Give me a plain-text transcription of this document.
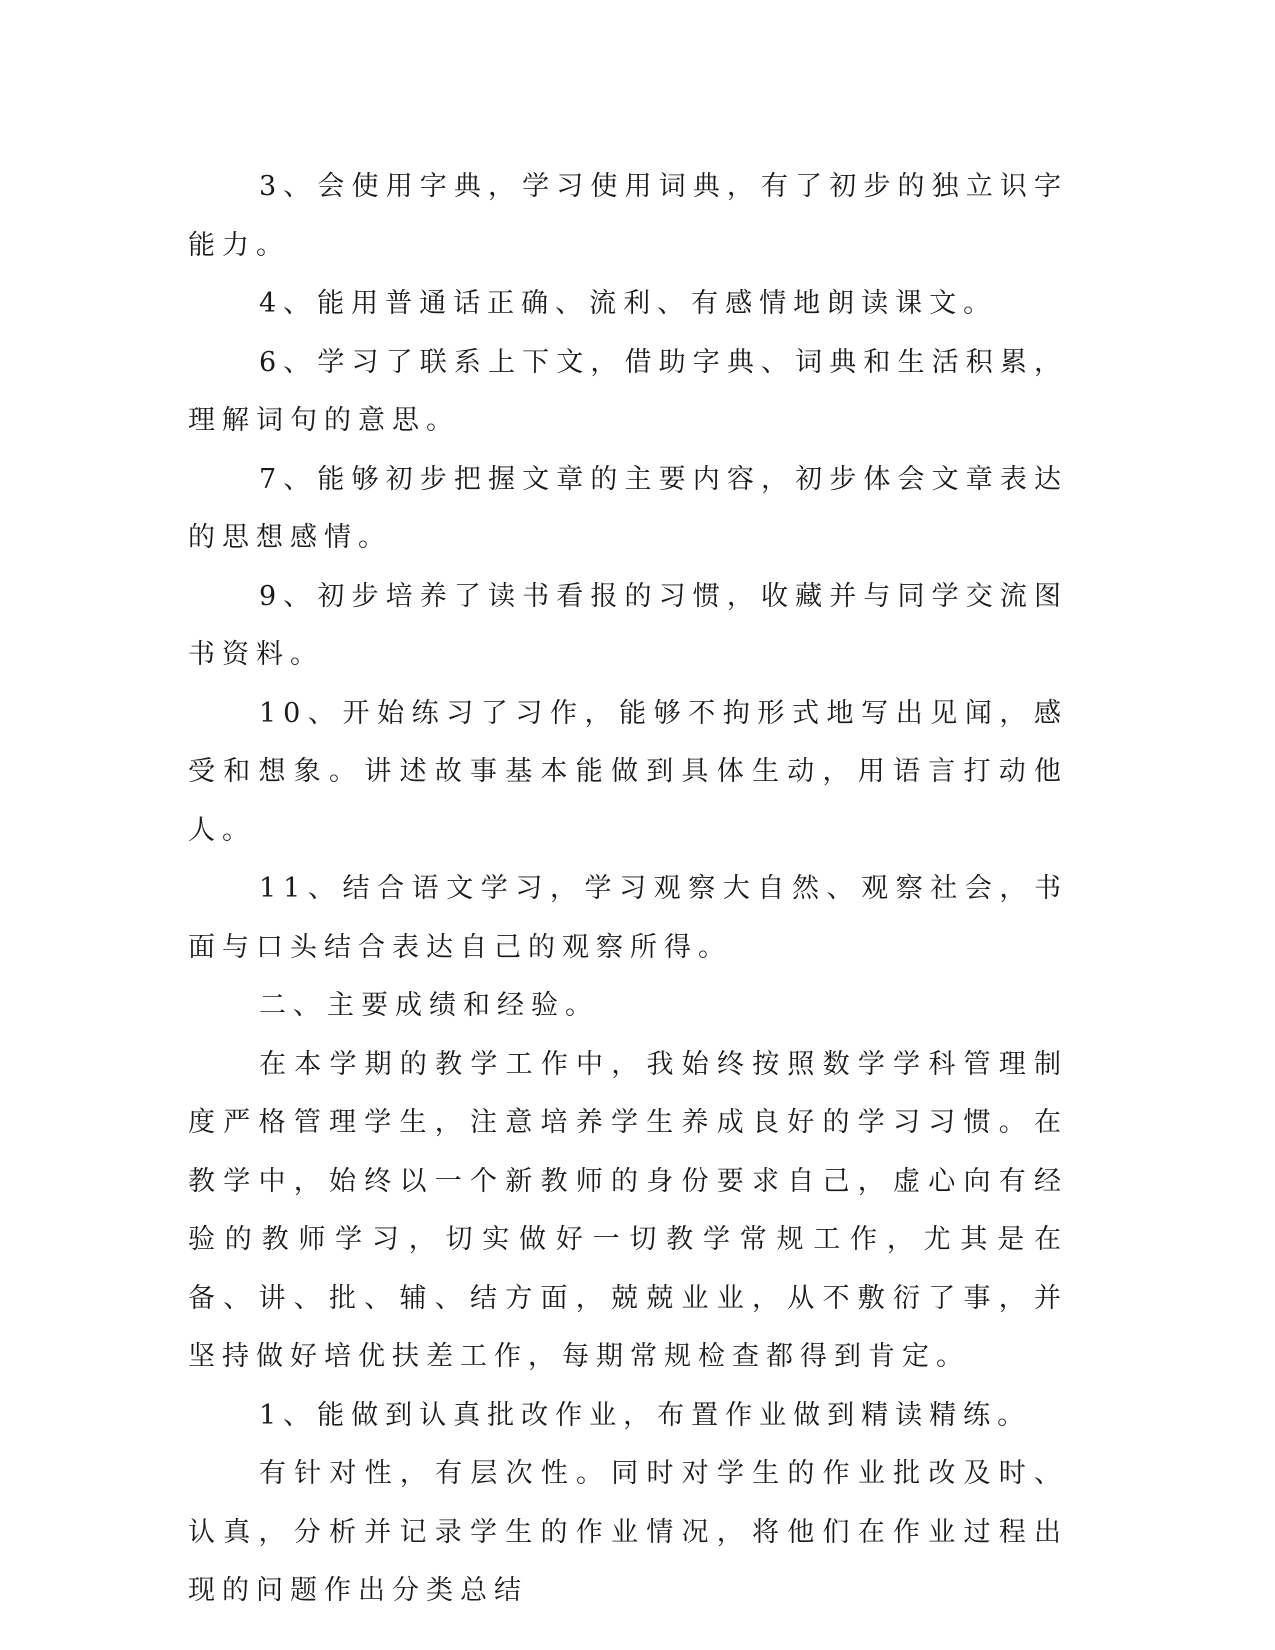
3、会使用字典，学习使用词典，有了初步的独立识字能力。

4、能用普通话正确、流利、有感情地朗读课文。

6、学习了联系上下文，借助字典、词典和生活积累，理解词句的意思。

7、能够初步把握文章的主要内容，初步体会文章表达的思想感情。

9、初步培养了读书看报的习惯，收藏并与同学交流图书资料。

10、开始练习了习作，能够不拘形式地写出见闻，感受和想象。讲述故事基本能做到具体生动，用语言打动他人。

11、结合语文学习，学习观察大自然、观察社会，书面与口头结合表达自己的观察所得。

二、主要成绩和经验。

在本学期的教学工作中，我始终按照数学学科管理制度严格管理学生，注意培养学生养成良好的学习习惯。在教学中，始终以一个新教师的身份要求自己，虚心向有经验的教师学习，切实做好一切教学常规工作，尤其是在备、讲、批、辅、结方面，兢兢业业，从不敷衍了事，并坚持做好培优扶差工作，每期常规检查都得到肯定。

1、能做到认真批改作业，布置作业做到精读精练。

有针对性，有层次性。同时对学生的作业批改及时、认真，分析并记录学生的作业情况，将他们在作业过程出现的问题作出分类总结
